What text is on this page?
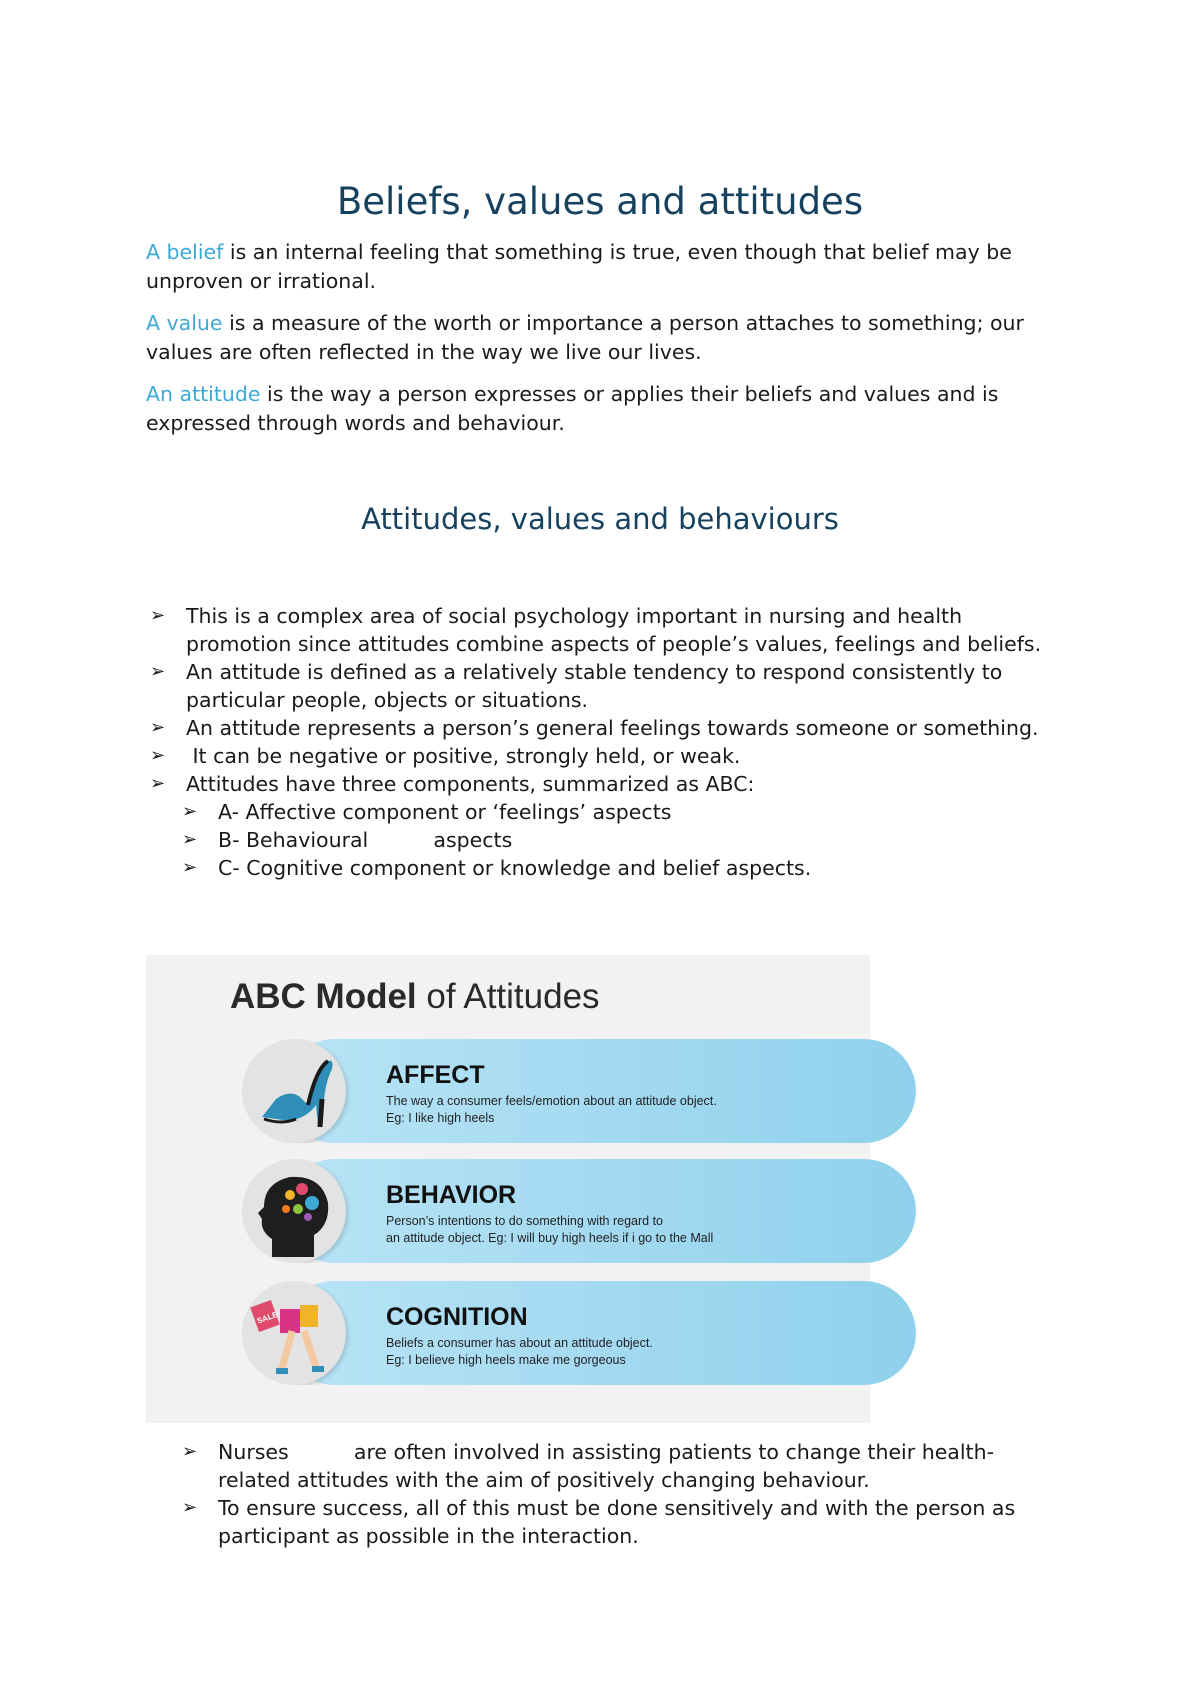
Beliefs, values and attitudes

A belief is an internal feeling that something is true, even though that belief may be unproven or irrational.

A value is a measure of the worth or importance a person attaches to something; our values are often reflected in the way we live our lives.

An attitude is the way a person expresses or applies their beliefs and values and is expressed through words and behaviour.

Attitudes, values and behaviours
➢ This is a complex area of social psychology important in nursing and health promotion since attitudes combine aspects of people’s values, feelings and beliefs.
➢ An attitude is defined as a relatively stable tendency to respond consistently to particular people, objects or situations.
➢ An attitude represents a person’s general feelings towards someone or something.
➢ It can be negative or positive, strongly held, or weak.
➢ Attitudes have three components, summarized as ABC:
➢ A- Affective component or ‘feelings’ aspects
➢ B- Behavioural          aspects
➢ C- Cognitive component or knowledge and belief aspects.
ABC Model of Attitudes
AFFECT
The way a consumer feels/emotion about an attitude object.
Eg: I like high heels
BEHAVIOR
Person’s intentions to do something with regard to
an attitude object. Eg: I will buy high heels if i go to the Mall
SALE	COGNITION
Beliefs a consumer has about an attitude object.
Eg: I believe high heels make me gorgeous
➢ Nurses          are often involved in assisting patients to change their health-related attitudes with the aim of positively changing behaviour.
➢ To ensure success, all of this must be done sensitively and with the person as participant as possible in the interaction.
